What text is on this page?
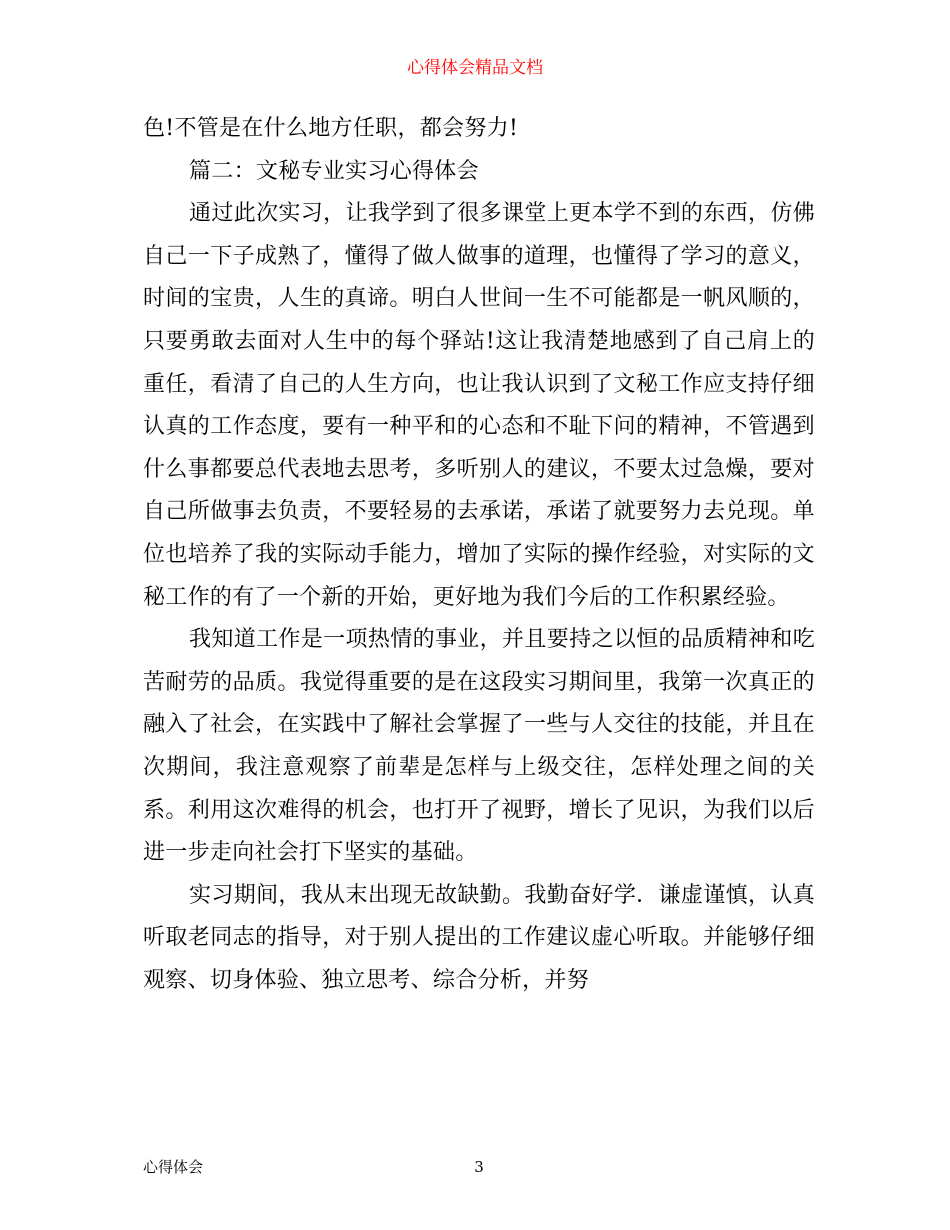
心得体会精品文档

色!不管是在什么地方任职，都会努力!

篇二：文秘专业实习心得体会

通过此次实习，让我学到了很多课堂上更本学不到的东西，仿佛自己一下子成熟了，懂得了做人做事的道理，也懂得了学习的意义，时间的宝贵，人生的真谛。明白人世间一生不可能都是一帆风顺的，只要勇敢去面对人生中的每个驿站!这让我清楚地感到了自己肩上的重任，看清了自己的人生方向，也让我认识到了文秘工作应支持仔细认真的工作态度，要有一种平和的心态和不耻下问的精神，不管遇到什么事都要总代表地去思考，多听别人的建议，不要太过急燥，要对自己所做事去负责，不要轻易的去承诺，承诺了就要努力去兑现。单位也培养了我的实际动手能力，增加了实际的操作经验，对实际的文秘工作的有了一个新的开始，更好地为我们今后的工作积累经验。

我知道工作是一项热情的事业，并且要持之以恒的品质精神和吃苦耐劳的品质。我觉得重要的是在这段实习期间里，我第一次真正的融入了社会，在实践中了解社会掌握了一些与人交往的技能，并且在次期间，我注意观察了前辈是怎样与上级交往，怎样处理之间的关系。利用这次难得的机会，也打开了视野，增长了见识，为我们以后进一步走向社会打下坚实的基础。

实习期间，我从末出现无故缺勤。我勤奋好学．谦虚谨慎，认真听取老同志的指导，对于别人提出的工作建议虚心听取。并能够仔细观察、切身体验、独立思考、综合分析，并努

心得体会	3
